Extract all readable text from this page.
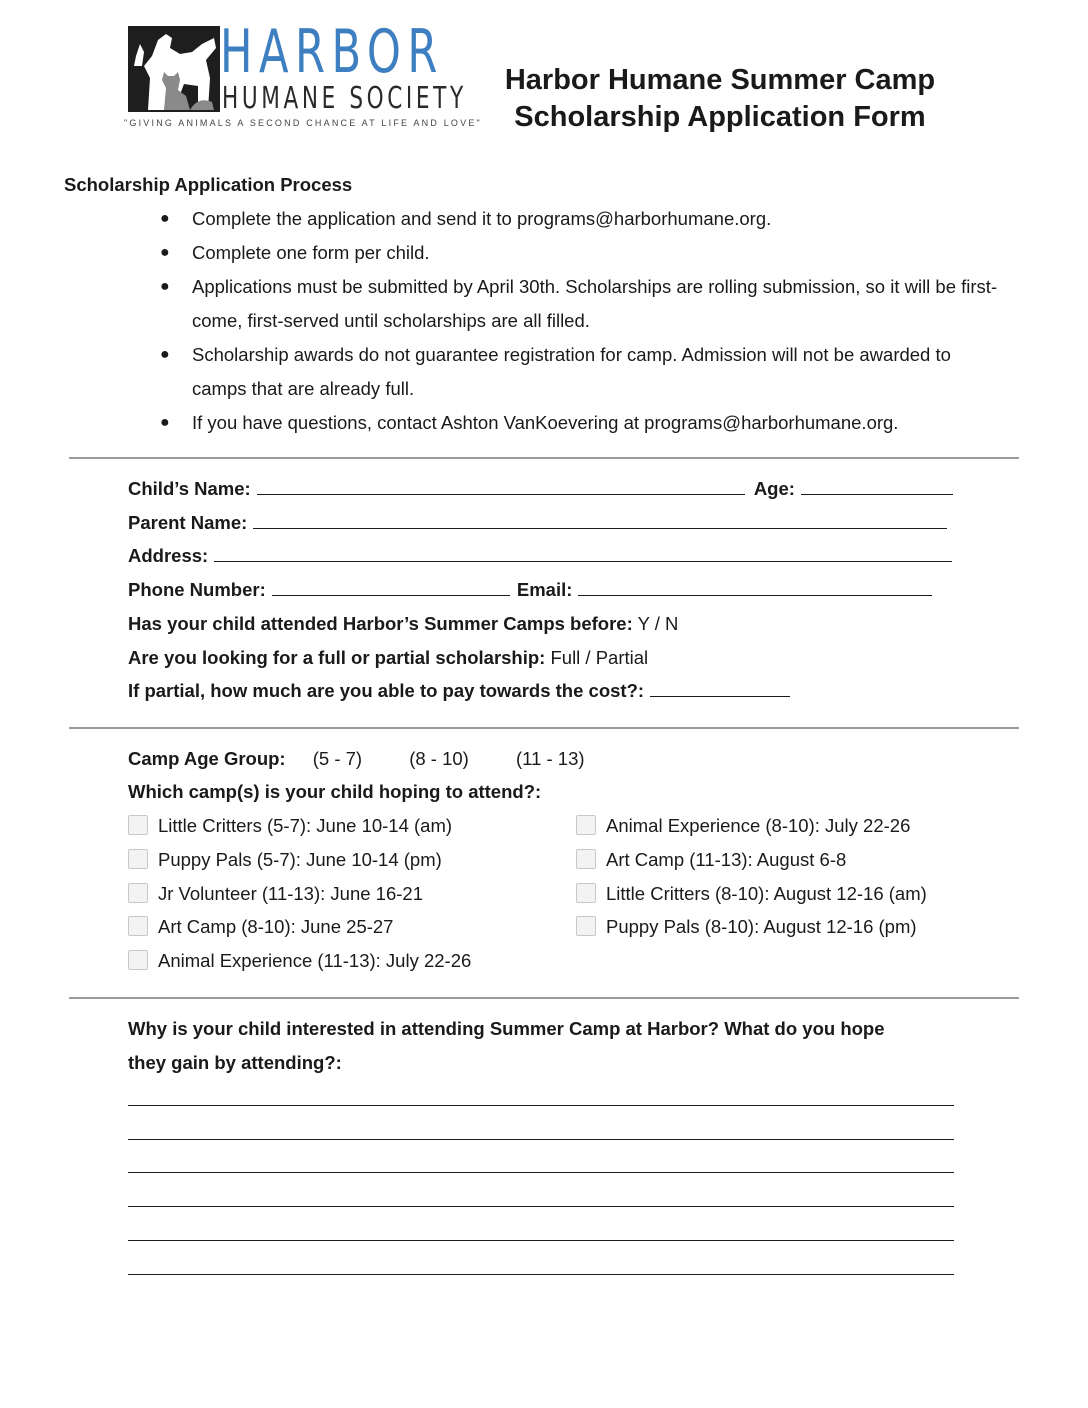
HARBOR
HUMANE SOCIETY
"GIVING ANIMALS A SECOND CHANCE AT LIFE AND LOVE"
Harbor Humane Summer Camp
Scholarship Application Form
Scholarship Application Process
● Complete the application and send it to programs@harborhumane.org.
● Complete one form per child.
● Applications must be submitted by April 30th. Scholarships are rolling submission, so it will be first-come, first-served until scholarships are all filled.
● Scholarship awards do not guarantee registration for camp. Admission will not be awarded to camps that are already full.
● If you have questions, contact Ashton VanKoevering at programs@harborhumane.org.
Child’s Name:	Age:
Parent Name:
Address:
Phone Number:	Email:
Has your child attended Harbor’s Summer Camps before: Y / N
Are you looking for a full or partial scholarship: Full / Partial
If partial, how much are you able to pay towards the cost?:
Camp Age Group: (5 - 7)	(8 - 10)	(11 - 13)
Which camp(s) is your child hoping to attend?:
Little Critters (5-7): June 10-14 (am)
Puppy Pals (5-7): June 10-14 (pm)
Jr Volunteer (11-13): June 16-21
Art Camp (8-10): June 25-27
Animal Experience (11-13): July 22-26
Animal Experience (8-10): July 22-26
Art Camp (11-13): August 6-8
Little Critters (8-10): August 12-16 (am)
Puppy Pals (8-10): August 12-16 (pm)
Why is your child interested in attending Summer Camp at Harbor? What do you hope
they gain by attending?:
